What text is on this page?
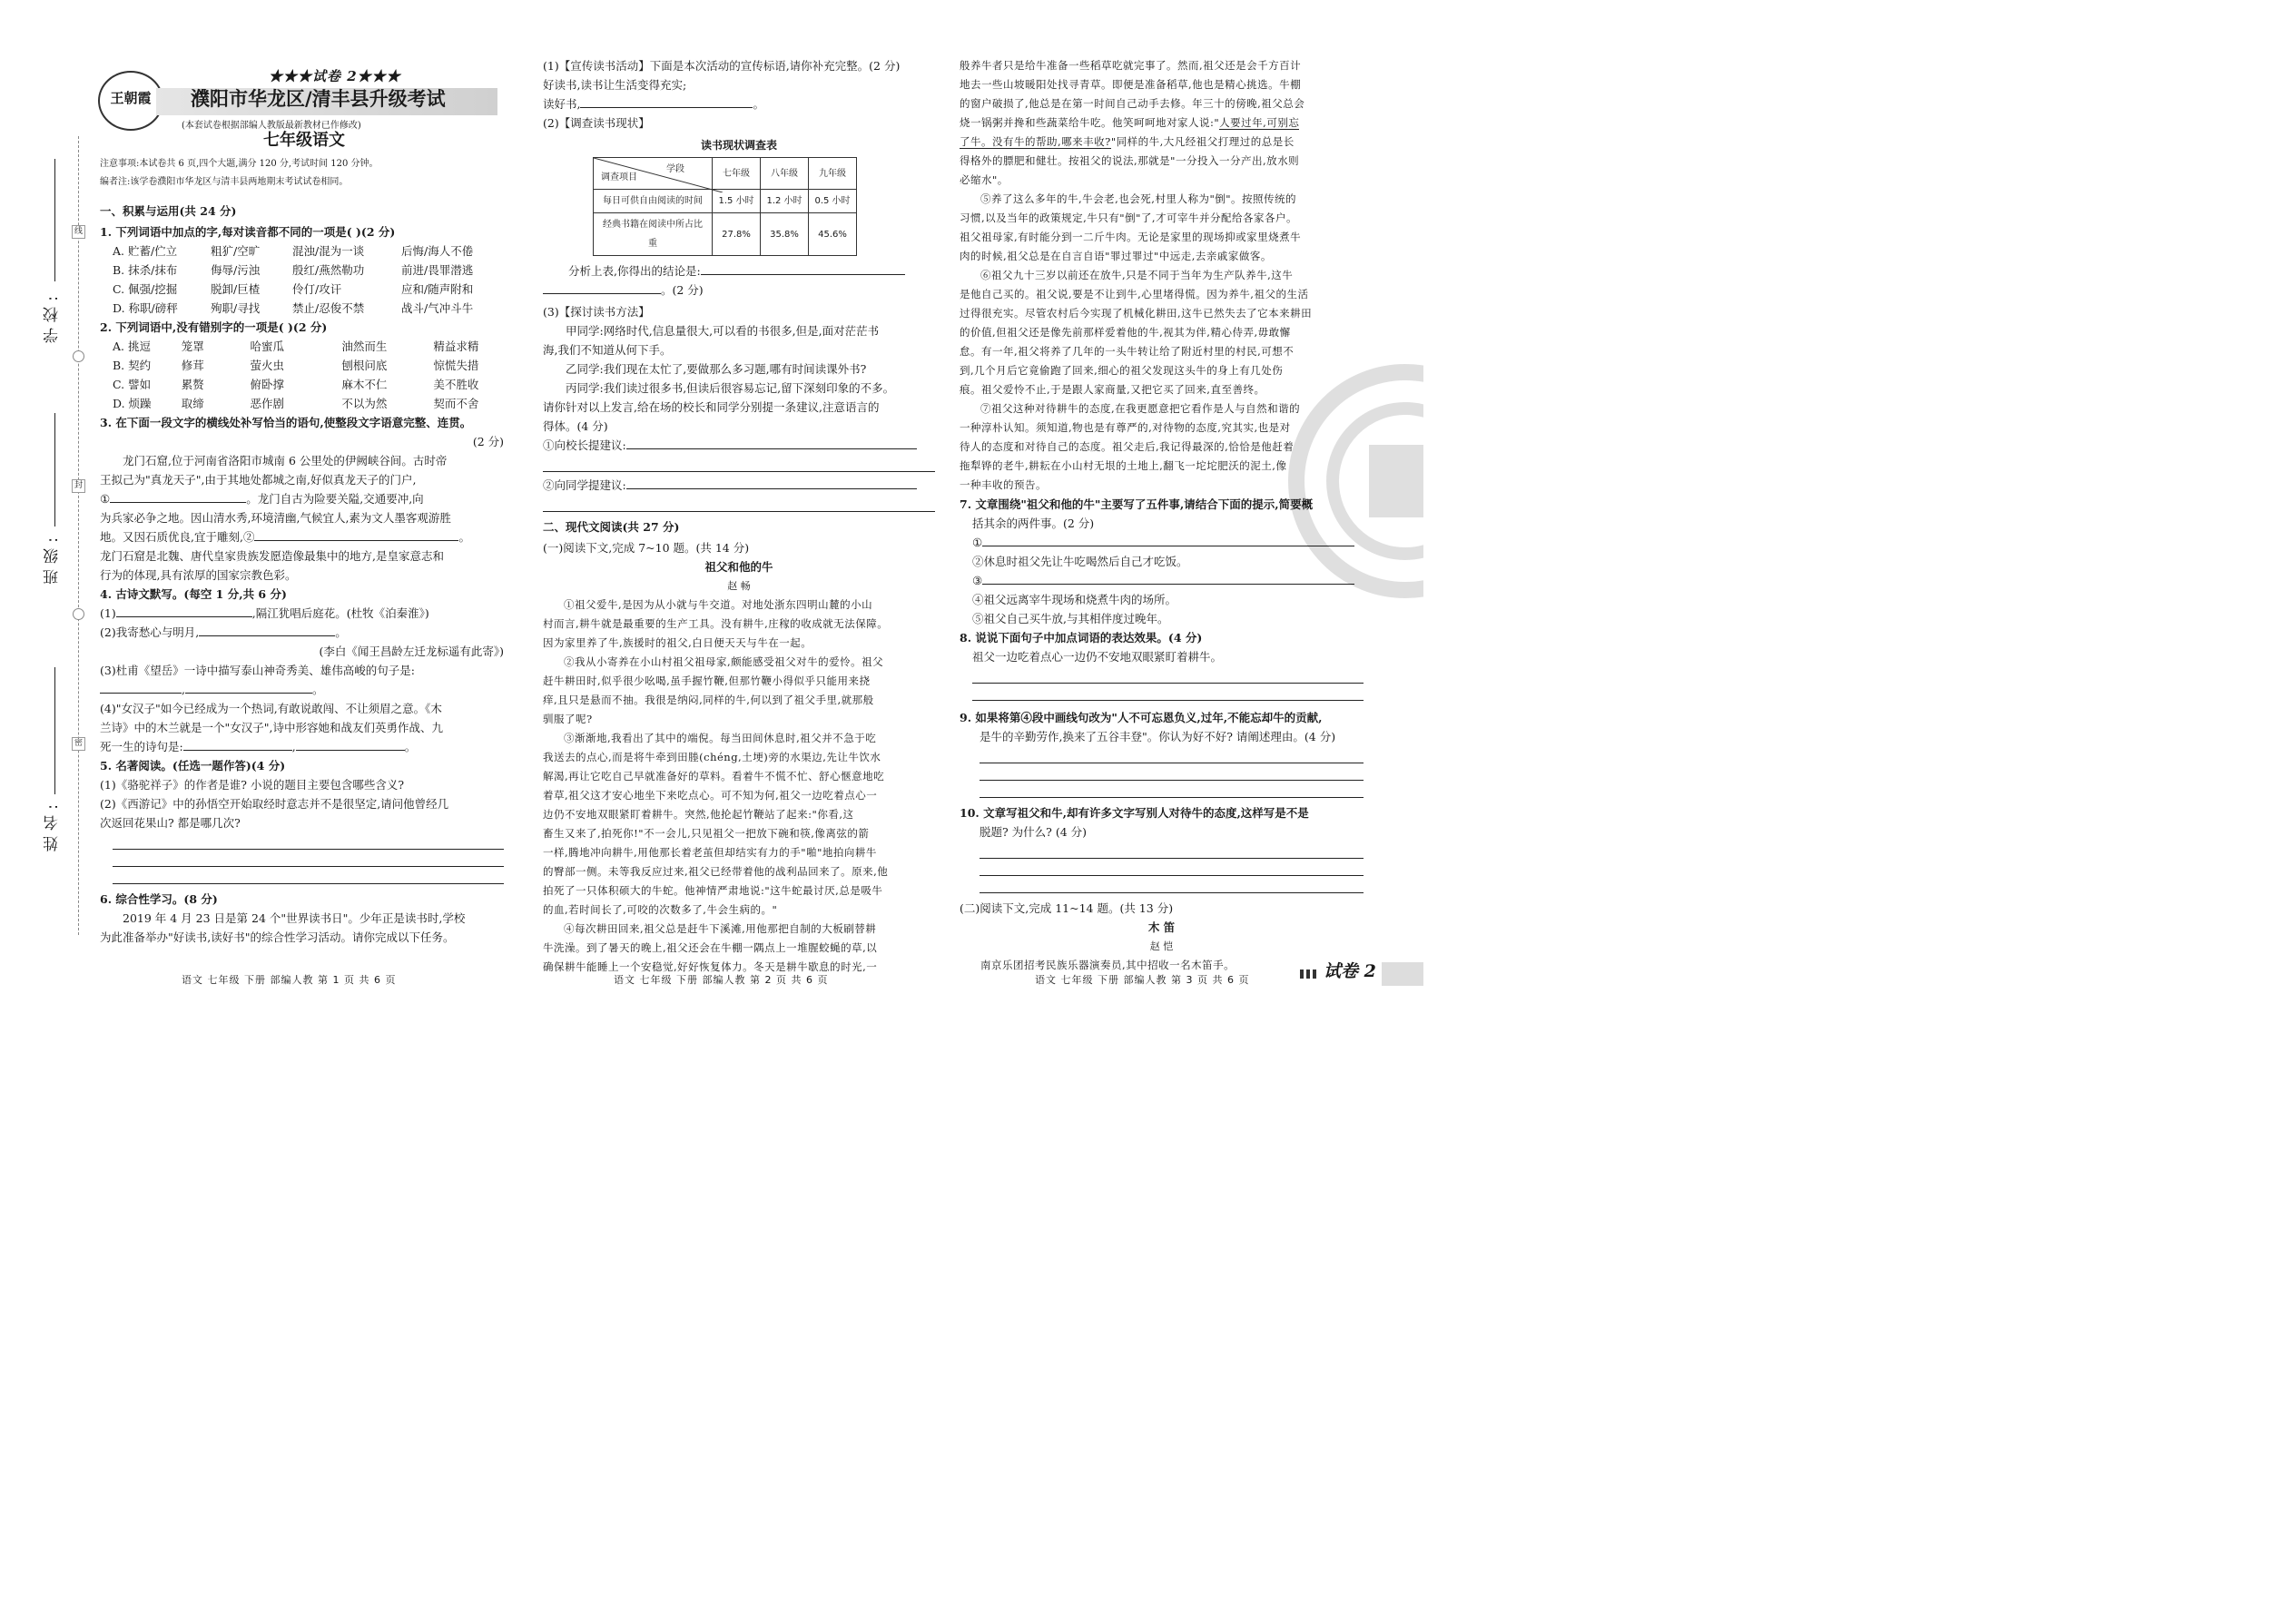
线
封
密
学校:
班级:
姓名:
王朝霞
★★★试卷 2★★★
濮阳市华龙区/清丰县升级考试
(本套试卷根据部编人教版最新教材已作修改)
七年级语文
注意事项:本试卷共 6 页,四个大题,满分 120 分,考试时间 120 分钟。
编者注:该学卷濮阳市华龙区与清丰县两地期末考试试卷相同。

一、积累与运用(共 24 分)

1. 下列词语中加点的字,每对读音都不同的一项是( )(2 分)

A. 贮蓄/伫立	粗犷/空旷	混浊/混为一谈	后悔/海人不倦
B. 抹杀/抹布	侮辱/污浊	殷红/燕然勒功	前进/畏罪潜逃
C. 佩强/挖掘	脱卸/巨楂	伶仃/攻讦	应和/随声附和
D. 称职/磅秤	殉职/寻找	禁止/忍俊不禁	战斗/气冲斗牛

2. 下列词语中,没有错别字的一项是( )(2 分)

A. 挑逗	笼罩	哈蜜瓜	油然而生	精益求精
B. 契约	修茸	萤火虫	刨根问底	惊慌失措
C. 譬如	累赘	俯卧撑	麻木不仁	美不胜收
D. 烦躁	取缔	恶作剧	不以为然	契而不舍

3. 在下面一段文字的横线处补写恰当的语句,使整段文字语意完整、连贯。

(2 分)

龙门石窟,位于河南省洛阳市城南 6 公里处的伊阙峡谷间。古时帝

王拟己为"真龙天子",由于其地处都城之南,好似真龙天子的门户,

①	。龙门自古为险要关隘,交通要冲,向

为兵家必争之地。因山清水秀,环境清幽,气候宜人,素为文人墨客观游胜

地。又因石质优良,宜于雕刻,②	。

龙门石窟是北魏、唐代皇家贵族发愿造像最集中的地方,是皇家意志和

行为的体现,具有浓厚的国家宗教色彩。

4. 古诗文默写。(每空 1 分,共 6 分)

(1)	,隔江犹唱后庭花。(杜牧《泊秦淮》)

(2)我寄愁心与明月,	。

(李白《闻王昌龄左迁龙标遥有此寄》)

(3)杜甫《望岳》一诗中描写泰山神奇秀美、雄伟高峻的句子是:

,	。

(4)"女汉子"如今已经成为一个热词,有敢说敢闯、不让须眉之意。《木

兰诗》中的木兰就是一个"女汉子",诗中形容她和战友们英勇作战、九

死一生的诗句是:	,	。

5. 名著阅读。(任选一题作答)(4 分)

(1)《骆驼祥子》的作者是谁? 小说的题目主要包含哪些含义?

(2)《西游记》中的孙悟空开始取经时意志并不是很坚定,请问他曾经几

次返回花果山? 都是哪几次?

6. 综合性学习。(8 分)

2019 年 4 月 23 日是第 24 个"世界读书日"。少年正是读书时,学校

为此准备举办"好读书,读好书"的综合性学习活动。请你完成以下任务。

(1)【宣传读书活动】下面是本次活动的宣传标语,请你补充完整。(2 分)

好读书,读书让生活变得充实;

读好书,	。

(2)【调查读书现状】

读书现状调查表

学段
调查项目	七年级	八年级	九年级
每日可供自由阅读的时间	1.5 小时	1.2 小时	0.5 小时
经典书籍在阅读中所占比重	27.8%	35.8%	45.6%

分析上表,你得出的结论是:

。(2 分)

(3)【探讨读书方法】

甲同学:网络时代,信息量很大,可以看的书很多,但是,面对茫茫书

海,我们不知道从何下手。

乙同学:我们现在太忙了,要做那么多习题,哪有时间读课外书?

丙同学:我们读过很多书,但读后很容易忘记,留下深刻印象的不多。

请你针对以上发言,给在场的校长和同学分别提一条建议,注意语言的

得体。(4 分)

①向校长提建议:

②向同学提建议:

二、现代文阅读(共 27 分)

(一)阅读下文,完成 7~10 题。(共 14 分)

祖父和他的牛

赵 畅

①祖父爱牛,是因为从小就与牛交道。对地处浙东四明山麓的小山

村而言,耕牛就是最重要的生产工具。没有耕牛,庄稼的收成就无法保障。

因为家里养了牛,族援时的祖父,白日便天天与牛在一起。

②我从小寄养在小山村祖父祖母家,颇能感受祖父对牛的爱怜。祖父

赶牛耕田时,似乎很少吆喝,虽手握竹鞭,但那竹鞭小得似乎只能用来挠

痒,且只是悬而不抽。我很是纳闷,同样的牛,何以到了祖父手里,就那般

驯服了呢?

③渐渐地,我看出了其中的端倪。每当田间休息时,祖父并不急于吃

我送去的点心,而是将牛牵到田塍(chéng,土埂)旁的水渠边,先让牛饮水

解渴,再让它吃自己早就准备好的草料。看着牛不慌不忙、舒心惬意地吃

着草,祖父这才安心地坐下来吃点心。可不知为何,祖父一边吃着点心一

边仍不安地双眼紧盯着耕牛。突然,他抡起竹鞭站了起来:"你看,这

畜生又来了,拍死你!"不一会儿,只见祖父一把放下碗和筷,像离弦的箭

一样,腾地冲向耕牛,用他那长着老茧但却结实有力的手"啪"地拍向耕牛

的臀部一侧。未等我反应过来,祖父已经带着他的战利品回来了。原来,他

拍死了一只体积硕大的牛蛇。他神情严肃地说:"这牛蛇最讨厌,总是吸牛

的血,若时间长了,可咬的次数多了,牛会生病的。"

④每次耕田回来,祖父总是赶牛下溪滩,用他那把自制的大板刷替耕

牛洗澡。到了暑天的晚上,祖父还会在牛棚一隅点上一堆腥蛟蝇的草,以

确保耕牛能睡上一个安稳觉,好好恢复体力。冬天是耕牛歇息的时光,一

般养牛者只是给牛准备一些稻草吃就完事了。然而,祖父还是会千方百计

地去一些山坡暖阳处找寻青草。即便是准备稻草,他也是精心挑选。牛棚

的窗户破损了,他总是在第一时间自己动手去修。年三十的傍晚,祖父总会

烧一锅粥并搀和些蔬菜给牛吃。他笑呵呵地对家人说:"人要过年,可别忘

了牛。没有牛的帮助,哪来丰收?"同样的牛,大凡经祖父打理过的总是长

得格外的膘肥和健壮。按祖父的说法,那就是"一分投入一分产出,放水则

必缩水"。

⑤养了这么多年的牛,牛会老,也会死,村里人称为"倒"。按照传统的

习惯,以及当年的政策规定,牛只有"倒"了,才可宰牛并分配给各家各户。

祖父祖母家,有时能分到一二斤牛肉。无论是家里的现场抑或家里烧煮牛

肉的时候,祖父总是在自言自语"罪过罪过"中远走,去亲戚家做客。

⑥祖父九十三岁以前还在放牛,只是不同于当年为生产队养牛,这牛

是他自己买的。祖父说,要是不让到牛,心里堵得慌。因为养牛,祖父的生活

过得很充实。尽管农村后今实现了机械化耕田,这牛已然失去了它本来耕田

的价值,但祖父还是像先前那样爱着他的牛,视其为伴,精心侍弄,毋敢懈

怠。有一年,祖父将养了几年的一头牛转让给了附近村里的村民,可想不

到,几个月后它竟偷跑了回来,细心的祖父发现这头牛的身上有几处伤

痕。祖父爱怜不止,于是跟人家商量,又把它买了回来,直至善终。

⑦祖父这种对待耕牛的态度,在我更愿意把它看作是人与自然和谐的

一种淳朴认知。须知道,物也是有尊严的,对待物的态度,究其实,也是对

待人的态度和对待自己的态度。祖父走后,我记得最深的,恰恰是他赶着

拖犁铧的老牛,耕耘在小山村无垠的土地上,翻飞一坨坨肥沃的泥土,像

一种丰收的预告。

7. 文章围绕"祖父和他的牛"主要写了五件事,请结合下面的提示,简要概

括其余的两件事。(2 分)

①

②休息时祖父先让牛吃喝然后自己才吃饭。

③

④祖父远离宰牛现场和烧煮牛肉的场所。

⑤祖父自己买牛放,与其相伴度过晚年。

8. 说说下面句子中加点词语的表达效果。(4 分)

祖父一边吃着点心一边仍不安地双眼紧盯着耕牛。

9. 如果将第④段中画线句改为"人不可忘恩负义,过年,不能忘却牛的贡献,

是牛的辛勤劳作,换来了五谷丰登"。你认为好不好? 请阐述理由。(4 分)

10. 文章写祖父和牛,却有许多文字写别人对待牛的态度,这样写是不是

脱题? 为什么? (4 分)

(二)阅读下文,完成 11~14 题。(共 13 分)

木 笛

赵 恺

南京乐团招考民族乐器演奏员,其中招收一名木笛手。

语文 七年级 下册 部编人教 第 1 页 共 6 页	语文 七年级 下册 部编人教 第 2 页 共 6 页	语文 七年级 下册 部编人教 第 3 页 共 6 页	试卷 2
